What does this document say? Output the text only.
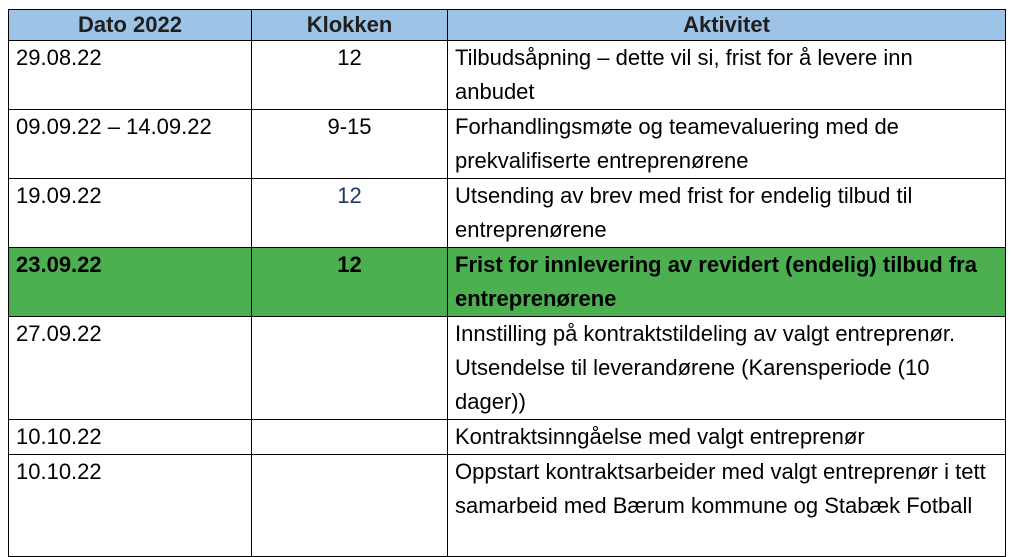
Dato 2022	Klokken	Aktivitet
29.08.22	12	Tilbudsåpning – dette vil si, frist for å levere inn anbudet
09.09.22 – 14.09.22	9-15	Forhandlingsmøte og teamevaluering med de prekvalifiserte entreprenørene
19.09.22	12	Utsending av brev med frist for endelig tilbud til entreprenørene
23.09.22	12	Frist for innlevering av revidert (endelig) tilbud fra entreprenørene
27.09.22		Innstilling på kontraktstildeling av valgt entreprenør. Utsendelse til leverandørene (Karensperiode (10 dager))
10.10.22		Kontraktsinngåelse med valgt entreprenør
10.10.22		Oppstart kontraktsarbeider med valgt entreprenør i tett samarbeid med Bærum kommune og Stabæk Fotball
